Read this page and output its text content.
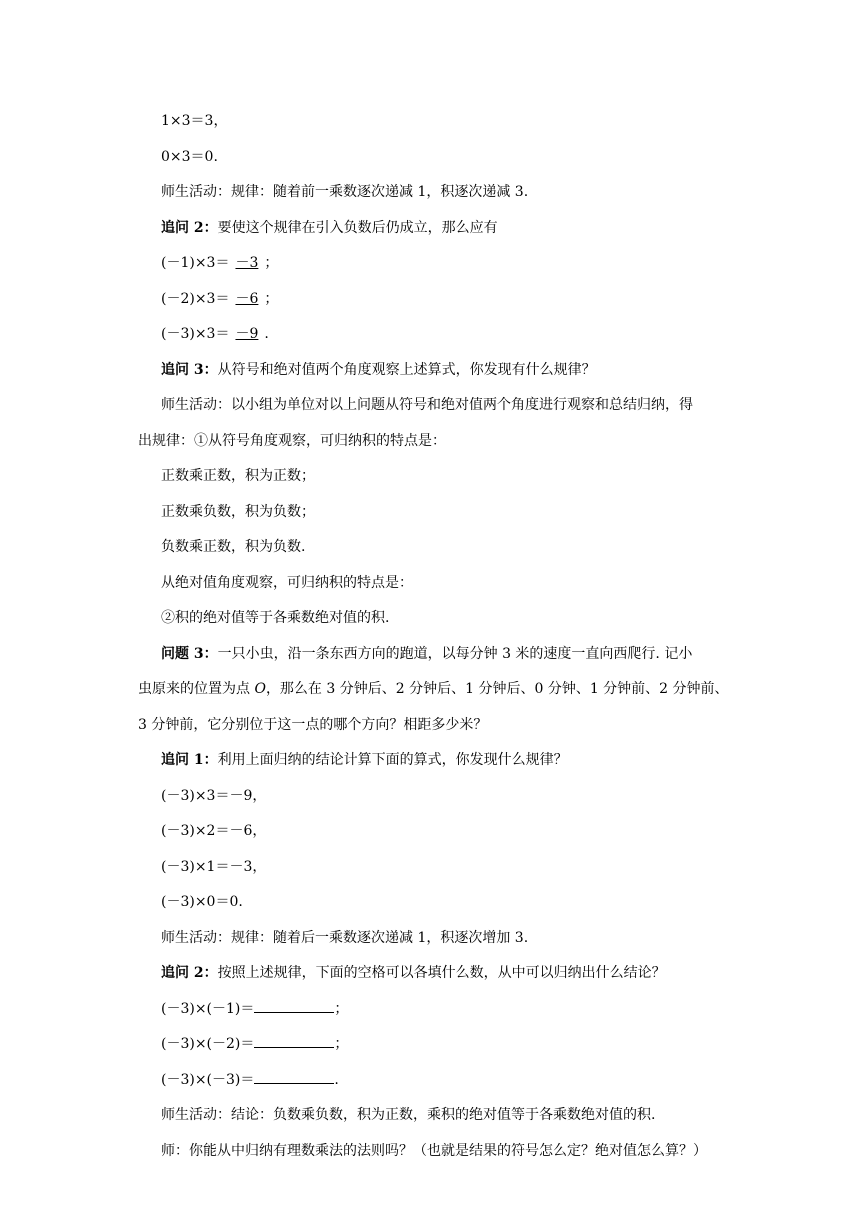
1×3＝3，

0×3＝0.

师生活动：规律：随着前一乘数逐次递减 1，积逐次递减 3.

追问 2：要使这个规律在引入负数后仍成立，那么应有

(－1)×3＝ －3 ；

(－2)×3＝ －6 ；

(－3)×3＝ －9 .

追问 3：从符号和绝对值两个角度观察上述算式，你发现有什么规律？

师生活动：以小组为单位对以上问题从符号和绝对值两个角度进行观察和总结归纳，得

出规律：①从符号角度观察，可归纳积的特点是：

正数乘正数，积为正数；

正数乘负数，积为负数；

负数乘正数，积为负数.

从绝对值角度观察，可归纳积的特点是：

②积的绝对值等于各乘数绝对值的积.

问题 3：一只小虫，沿一条东西方向的跑道，以每分钟 3 米的速度一直向西爬行. 记小

虫原来的位置为点 O，那么在 3 分钟后、2 分钟后、1 分钟后、0 分钟、1 分钟前、2 分钟前、

3 分钟前，它分别位于这一点的哪个方向？相距多少米？

追问 1：利用上面归纳的结论计算下面的算式，你发现什么规律？

(－3)×3＝－9，

(－3)×2＝－6，

(－3)×1＝－3，

(－3)×0＝0.

师生活动：规律：随着后一乘数逐次递减 1，积逐次增加 3.

追问 2：按照上述规律，下面的空格可以各填什么数，从中可以归纳出什么结论？

(－3)×(－1)＝	；

(－3)×(－2)＝	；

(－3)×(－3)＝	.

师生活动：结论：负数乘负数，积为正数，乘积的绝对值等于各乘数绝对值的积.

师：你能从中归纳有理数乘法的法则吗？（也就是结果的符号怎么定？绝对值怎么算？）
